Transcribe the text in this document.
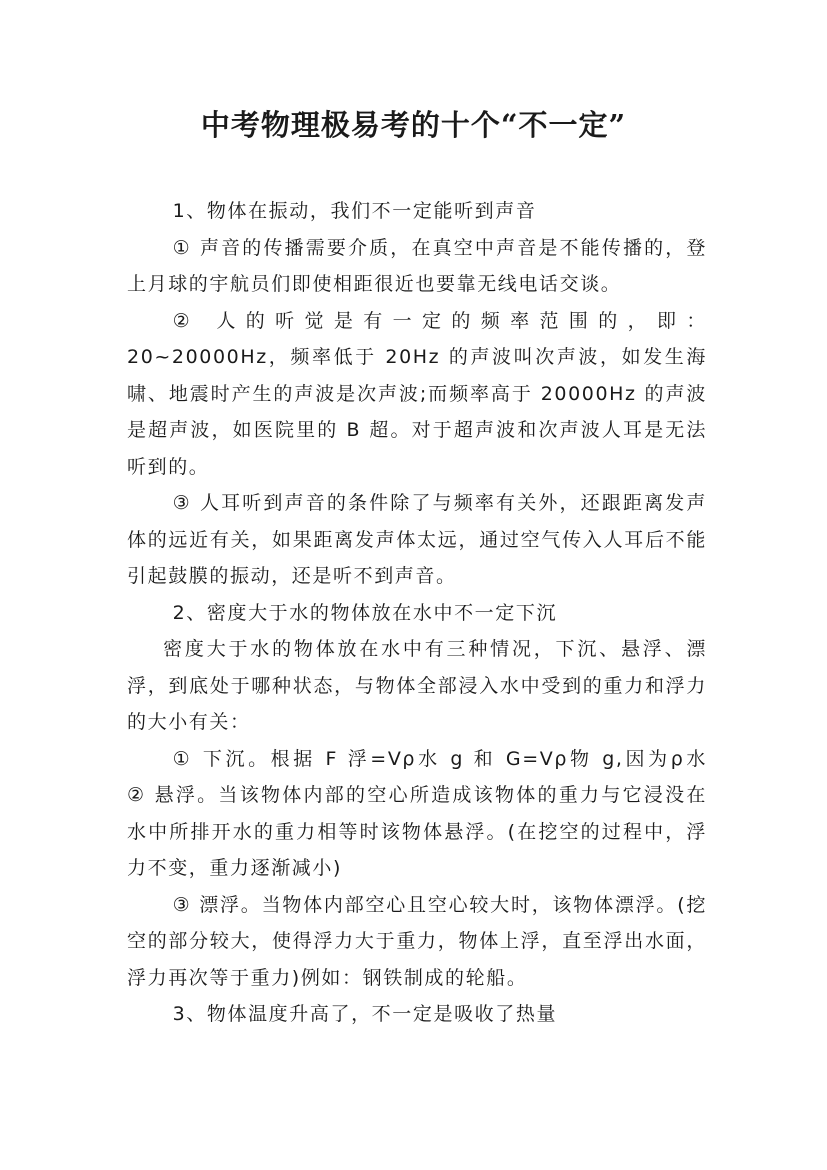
中考物理极易考的十个“不一定”

1、物体在振动，我们不一定能听到声音

① 声音的传播需要介质，在真空中声音是不能传播的，登上月球的宇航员们即使相距很近也要靠无线电话交谈。

② 人的听觉是有一定的频率范围的，即：20~20000Hz，频率低于 20Hz 的声波叫次声波，如发生海啸、地震时产生的声波是次声波;而频率高于 20000Hz 的声波是超声波，如医院里的 B 超。对于超声波和次声波人耳是无法听到的。

③ 人耳听到声音的条件除了与频率有关外，还跟距离发声体的远近有关，如果距离发声体太远，通过空气传入人耳后不能引起鼓膜的振动，还是听不到声音。

2、密度大于水的物体放在水中不一定下沉

密度大于水的物体放在水中有三种情况，下沉、悬浮、漂浮，到底处于哪种状态，与物体全部浸入水中受到的重力和浮力的大小有关：

① 下沉。根据 F 浮=Vρ水 g 和 G=Vρ物 g,因为ρ水　　② 悬浮。当该物体内部的空心所造成该物体的重力与它浸没在水中所排开水的重力相等时该物体悬浮。(在挖空的过程中，浮力不变，重力逐渐减小)

③ 漂浮。当物体内部空心且空心较大时，该物体漂浮。(挖空的部分较大，使得浮力大于重力，物体上浮，直至浮出水面，浮力再次等于重力)例如：钢铁制成的轮船。

3、物体温度升高了，不一定是吸收了热量
